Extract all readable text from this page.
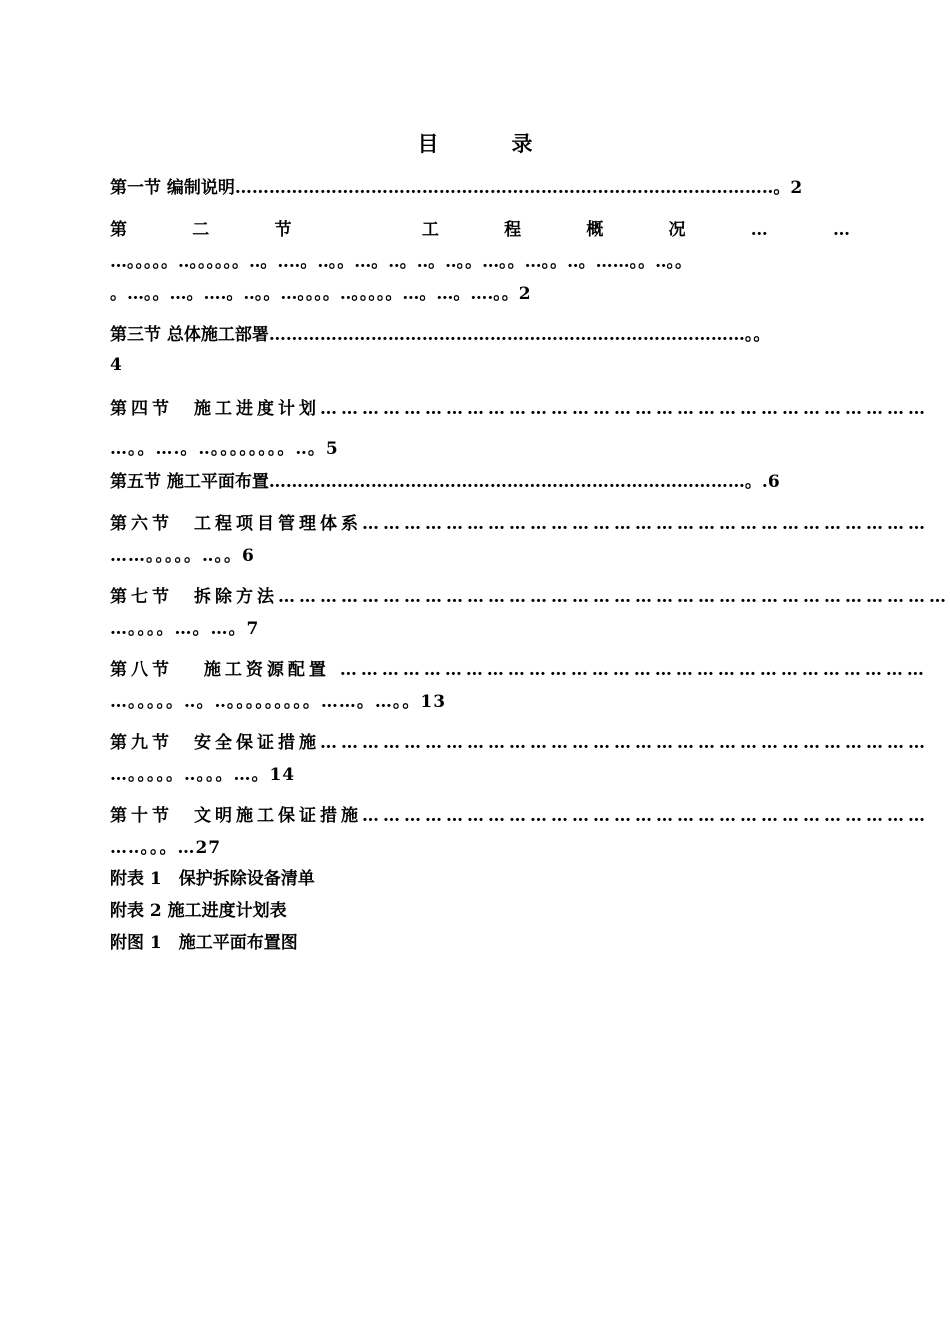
目　录
第一节 编制说明…………………………………………………………………………………‥。2
第	二	节	工	程	概	况	…	…
…。。。。。‥。。。。。。‥。‥‥。‥。。…。‥。‥。‥。。…。。…。。‥。……。。‥。。
。…。。…。….。‥。。…。。。。‥。。。。。…。…。….。。2
第三节 总体施工部署…………………………………………………………………………。。
4
第四节　施工进度计划……………………………………………………………………………
…。。….。‥。。。。。。。。‥。5
第五节 施工平面布置…………………………………………………………………………。.6
第六节　工程项目管理体系………………………………………………………………………
……。。。。。‥。。6
第七节　拆除方法……………………………………………………………………………………
…。。。。…。…。7
第八节　 施工资源配置 …………………………………………………………………………
…。。。。。‥。‥。。。。。。。。。……。…。。13
第九节　安全保证措施……………………………………………………………………………
…。。。。。‥。。。…。14
第十节　文明施工保证措施………………………………………………………………………
…‥。。。…27
附表 1　保护拆除设备清单
附表 2 施工进度计划表
附图 1　施工平面布置图
